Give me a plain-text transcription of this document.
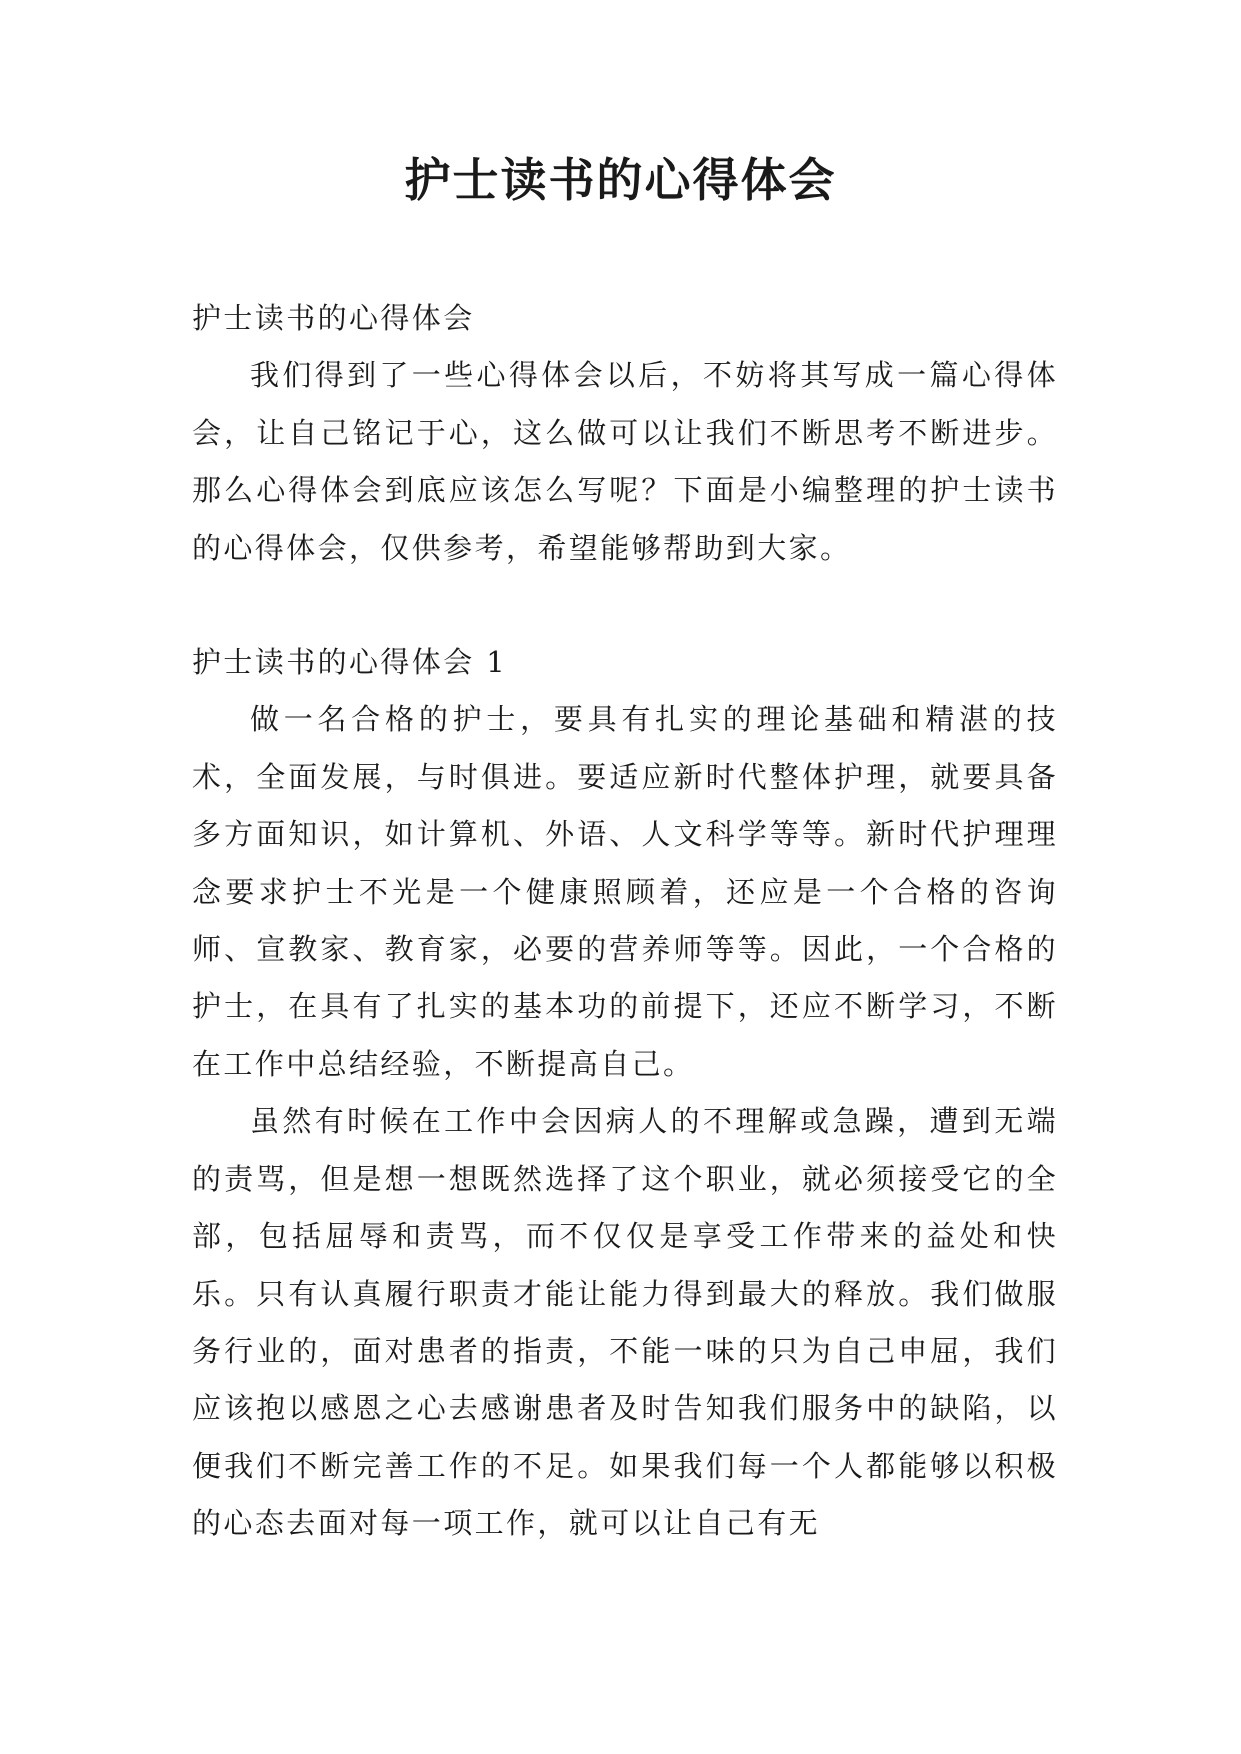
护士读书的心得体会
护士读书的心得体会

我们得到了一些心得体会以后，不妨将其写成一篇心得体会，让自己铭记于心，这么做可以让我们不断思考不断进步。那么心得体会到底应该怎么写呢？下面是小编整理的护士读书的心得体会，仅供参考，希望能够帮助到大家。

护士读书的心得体会 1

做一名合格的护士，要具有扎实的理论基础和精湛的技术，全面发展，与时俱进。要适应新时代整体护理，就要具备多方面知识，如计算机、外语、人文科学等等。新时代护理理念要求护士不光是一个健康照顾着，还应是一个合格的咨询师、宣教家、教育家，必要的营养师等等。因此，一个合格的护士，在具有了扎实的基本功的前提下，还应不断学习，不断在工作中总结经验，不断提高自己。

虽然有时候在工作中会因病人的不理解或急躁，遭到无端的责骂，但是想一想既然选择了这个职业，就必须接受它的全部，包括屈辱和责骂，而不仅仅是享受工作带来的益处和快乐。只有认真履行职责才能让能力得到最大的释放。我们做服务行业的，面对患者的指责，不能一味的只为自己申屈，我们应该抱以感恩之心去感谢患者及时告知我们服务中的缺陷，以便我们不断完善工作的不足。如果我们每一个人都能够以积极的心态去面对每一项工作，就可以让自己有无
